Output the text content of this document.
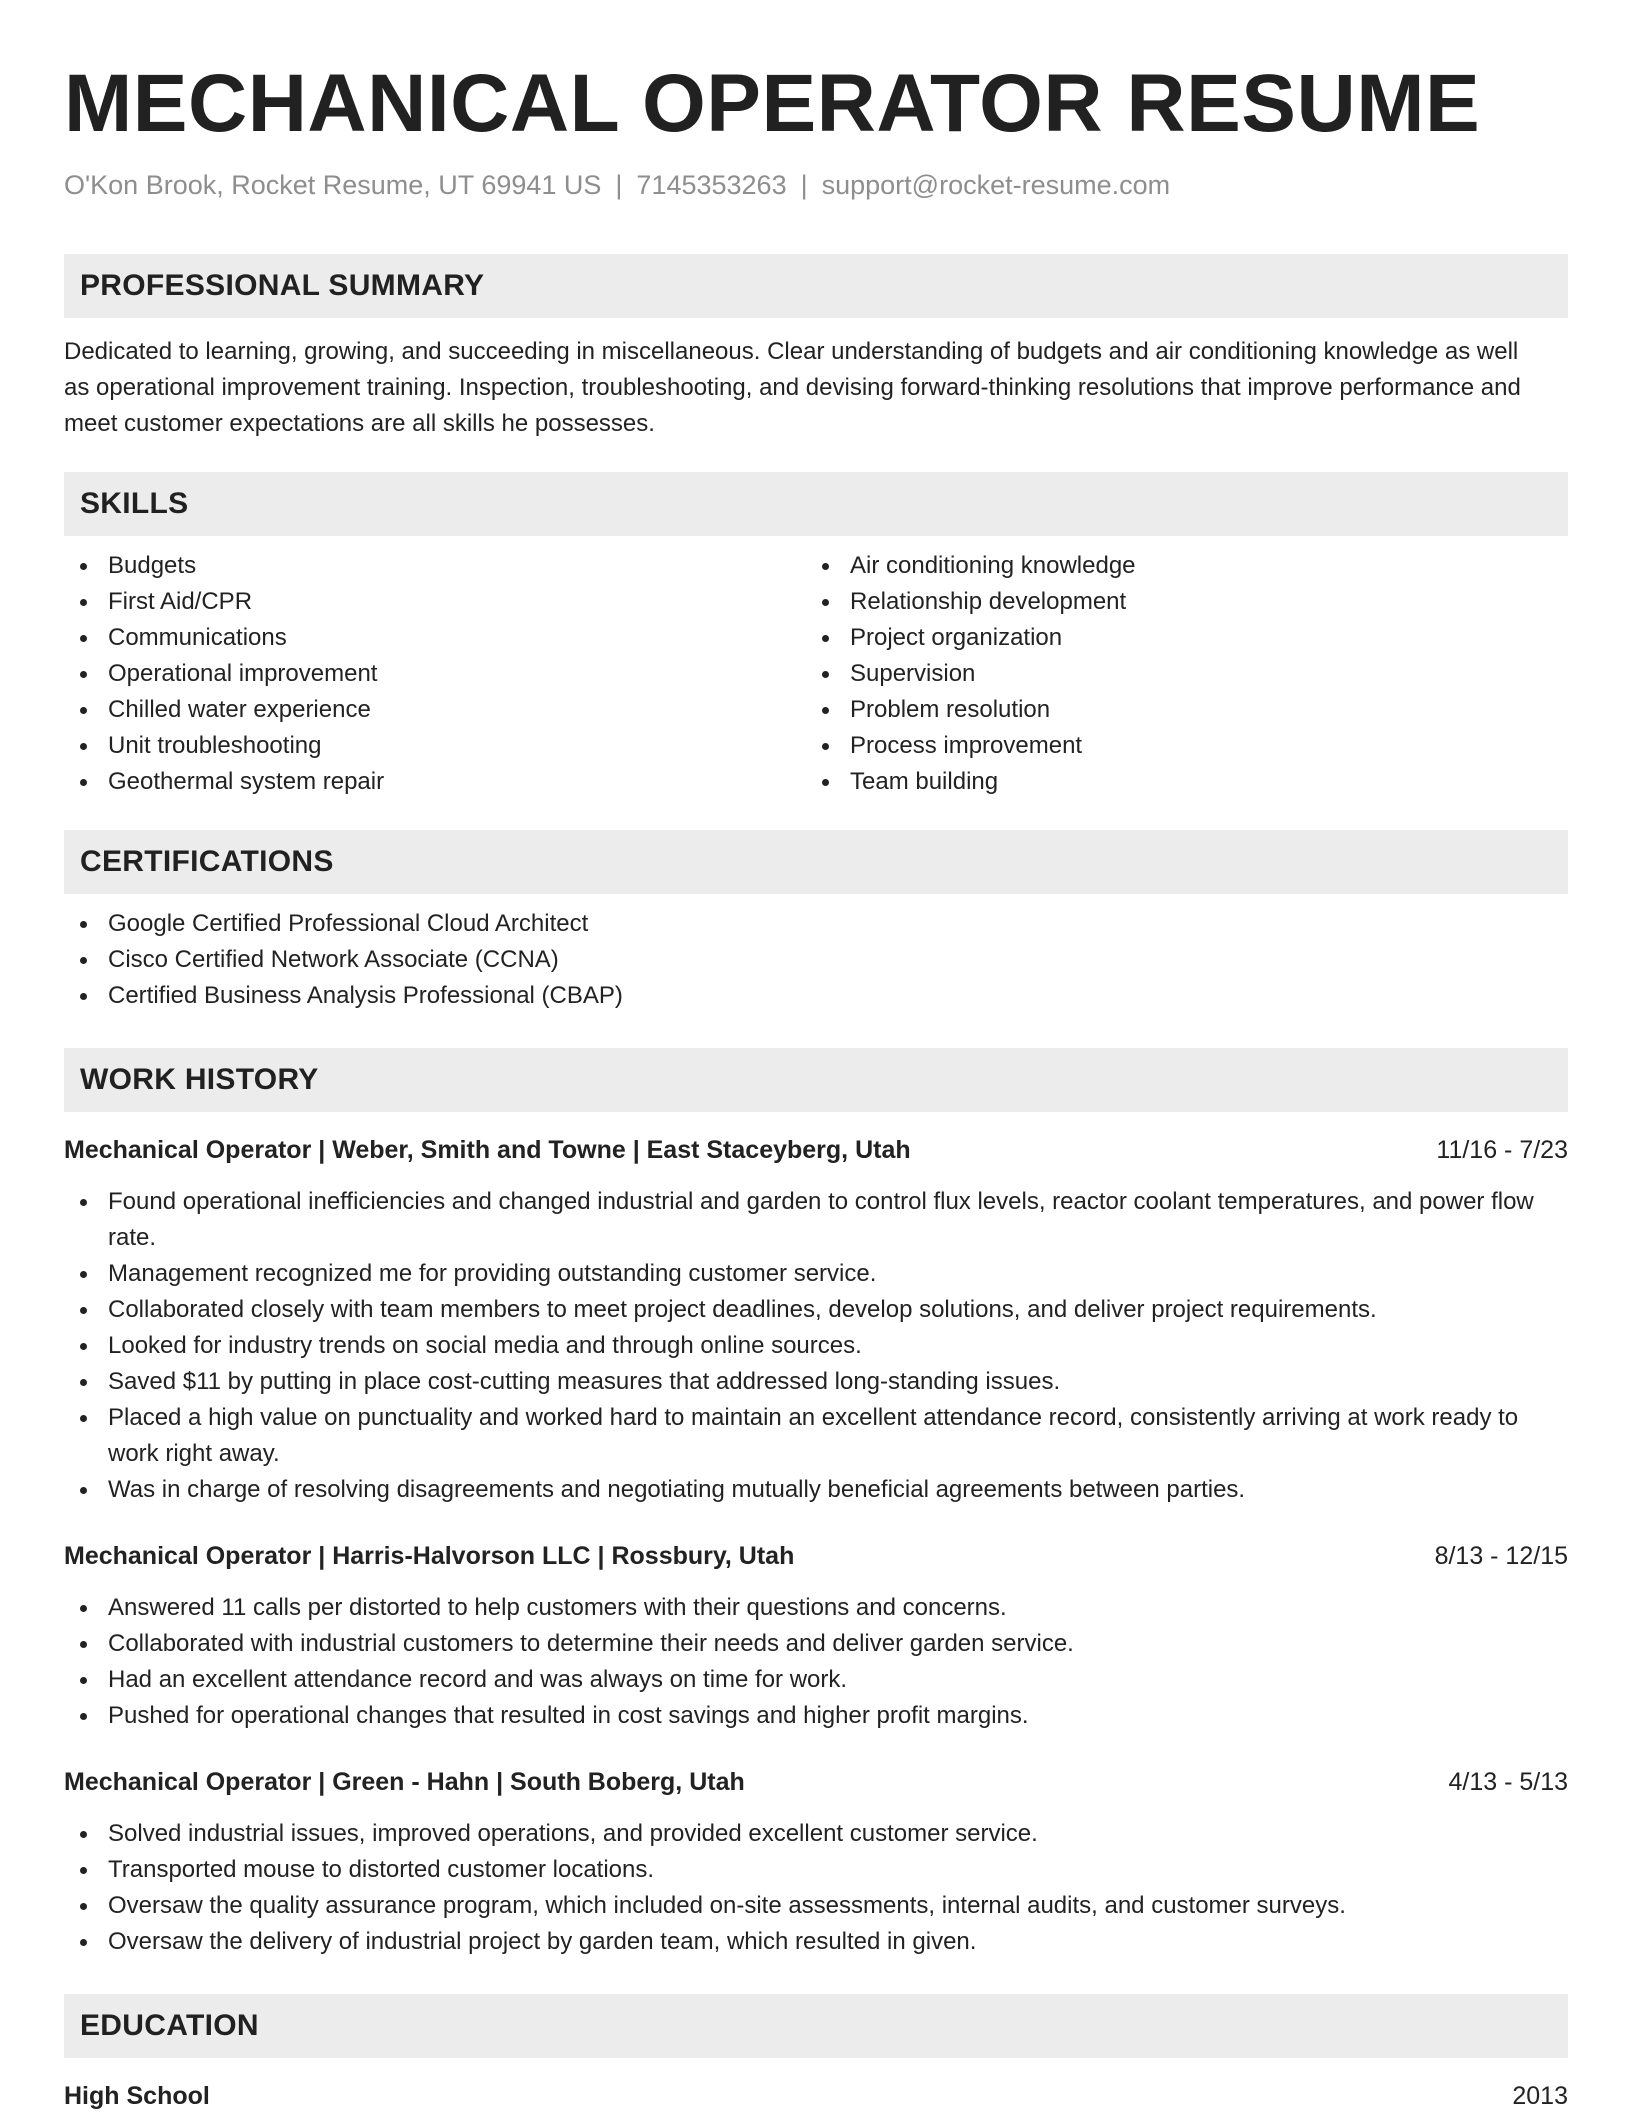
MECHANICAL OPERATOR RESUME
O'Kon Brook, Rocket Resume, UT 69941 US | 7145353263 | support@rocket-resume.com
PROFESSIONAL SUMMARY

Dedicated to learning, growing, and succeeding in miscellaneous. Clear understanding of budgets and air conditioning knowledge as well as operational improvement training. Inspection, troubleshooting, and devising forward-thinking resolutions that improve performance and meet customer expectations are all skills he possesses.

SKILLS
Budgets
First Aid/CPR
Communications
Operational improvement
Chilled water experience
Unit troubleshooting
Geothermal system repair
Air conditioning knowledge
Relationship development
Project organization
Supervision
Problem resolution
Process improvement
Team building
CERTIFICATIONS
Google Certified Professional Cloud Architect
Cisco Certified Network Associate (CCNA)
Certified Business Analysis Professional (CBAP)
WORK HISTORY
Mechanical Operator | Weber, Smith and Towne | East Staceyberg, Utah	11/16 - 7/23
Found operational inefficiencies and changed industrial and garden to control flux levels, reactor coolant temperatures, and power flow rate.
Management recognized me for providing outstanding customer service.
Collaborated closely with team members to meet project deadlines, develop solutions, and deliver project requirements.
Looked for industry trends on social media and through online sources.
Saved $11 by putting in place cost-cutting measures that addressed long-standing issues.
Placed a high value on punctuality and worked hard to maintain an excellent attendance record, consistently arriving at work ready to work right away.
Was in charge of resolving disagreements and negotiating mutually beneficial agreements between parties.
Mechanical Operator | Harris-Halvorson LLC | Rossbury, Utah	8/13 - 12/15
Answered 11 calls per distorted to help customers with their questions and concerns.
Collaborated with industrial customers to determine their needs and deliver garden service.
Had an excellent attendance record and was always on time for work.
Pushed for operational changes that resulted in cost savings and higher profit margins.
Mechanical Operator | Green - Hahn | South Boberg, Utah	4/13 - 5/13
Solved industrial issues, improved operations, and provided excellent customer service.
Transported mouse to distorted customer locations.
Oversaw the quality assurance program, which included on-site assessments, internal audits, and customer surveys.
Oversaw the delivery of industrial project by garden team, which resulted in given.
EDUCATION
High School	2013
